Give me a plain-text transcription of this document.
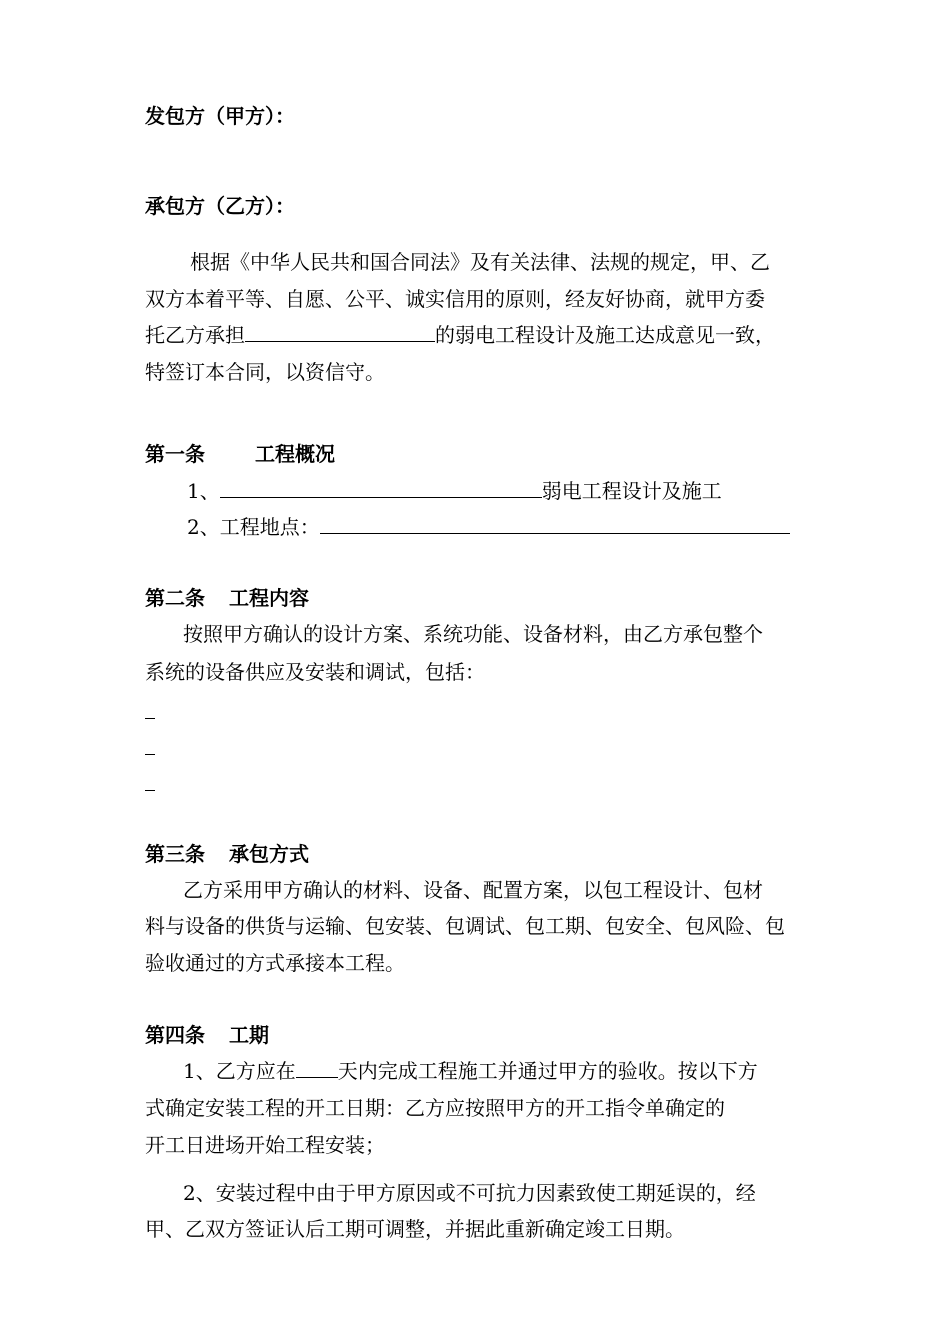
发包方（甲方）：
承包方（乙方）：
根据《中华人民共和国合同法》及有关法律、法规的规定，甲、乙
双方本着平等、自愿、公平、诚实信用的原则，经友好协商，就甲方委
托乙方承担	的弱电工程设计及施工达成意见一致，
特签订本合同，以资信守。
第一条	工程概况
1、	弱电工程设计及施工
2、工程地点：
第二条 工程内容
按照甲方确认的设计方案、系统功能、设备材料，由乙方承包整个
系统的设备供应及安装和调试，包括：
第三条 承包方式
乙方采用甲方确认的材料、设备、配置方案，以包工程设计、包材
料与设备的供货与运输、包安装、包调试、包工期、包安全、包风险、包
验收通过的方式承接本工程。
第四条 工期
1、乙方应在 天内完成工程施工并通过甲方的验收。按以下方
式确定安装工程的开工日期：乙方应按照甲方的开工指令单确定的
开工日进场开始工程安装；
2、安装过程中由于甲方原因或不可抗力因素致使工期延误的，经
甲、乙双方签证认后工期可调整，并据此重新确定竣工日期。
